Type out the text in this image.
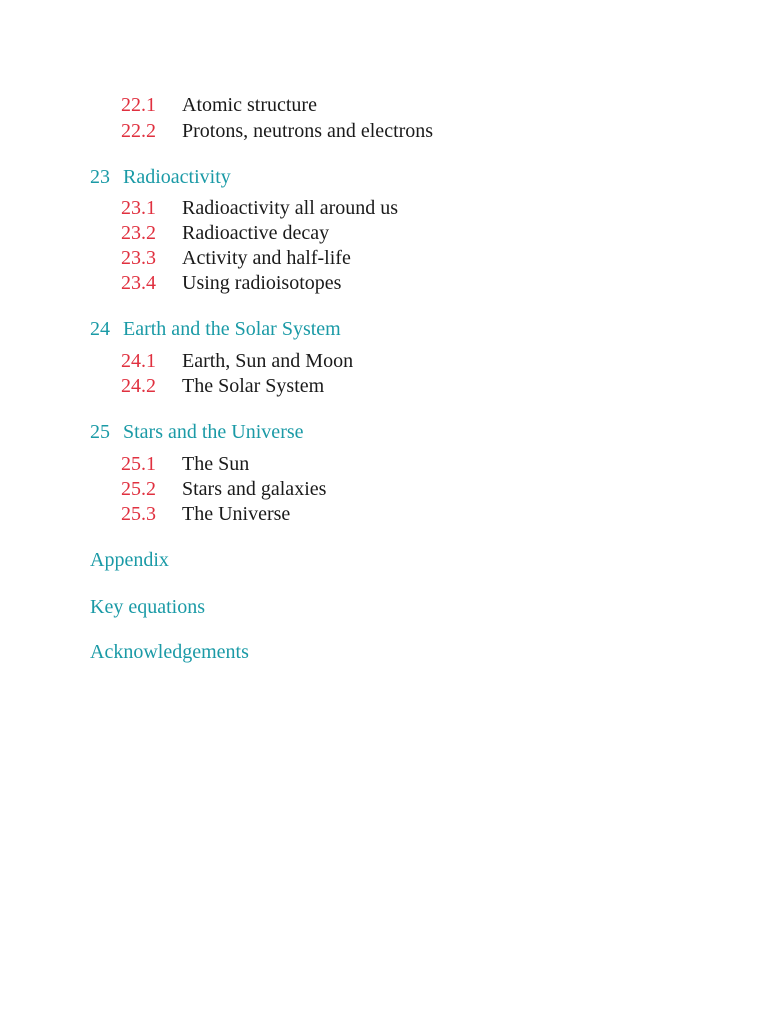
22.1 Atomic structure
22.2 Protons, neutrons and electrons
23 Radioactivity
23.1 Radioactivity all around us
23.2 Radioactive decay
23.3 Activity and half-life
23.4 Using radioisotopes
24 Earth and the Solar System
24.1 Earth, Sun and Moon
24.2 The Solar System
25 Stars and the Universe
25.1 The Sun
25.2 Stars and galaxies
25.3 The Universe
Appendix
Key equations
Acknowledgements
